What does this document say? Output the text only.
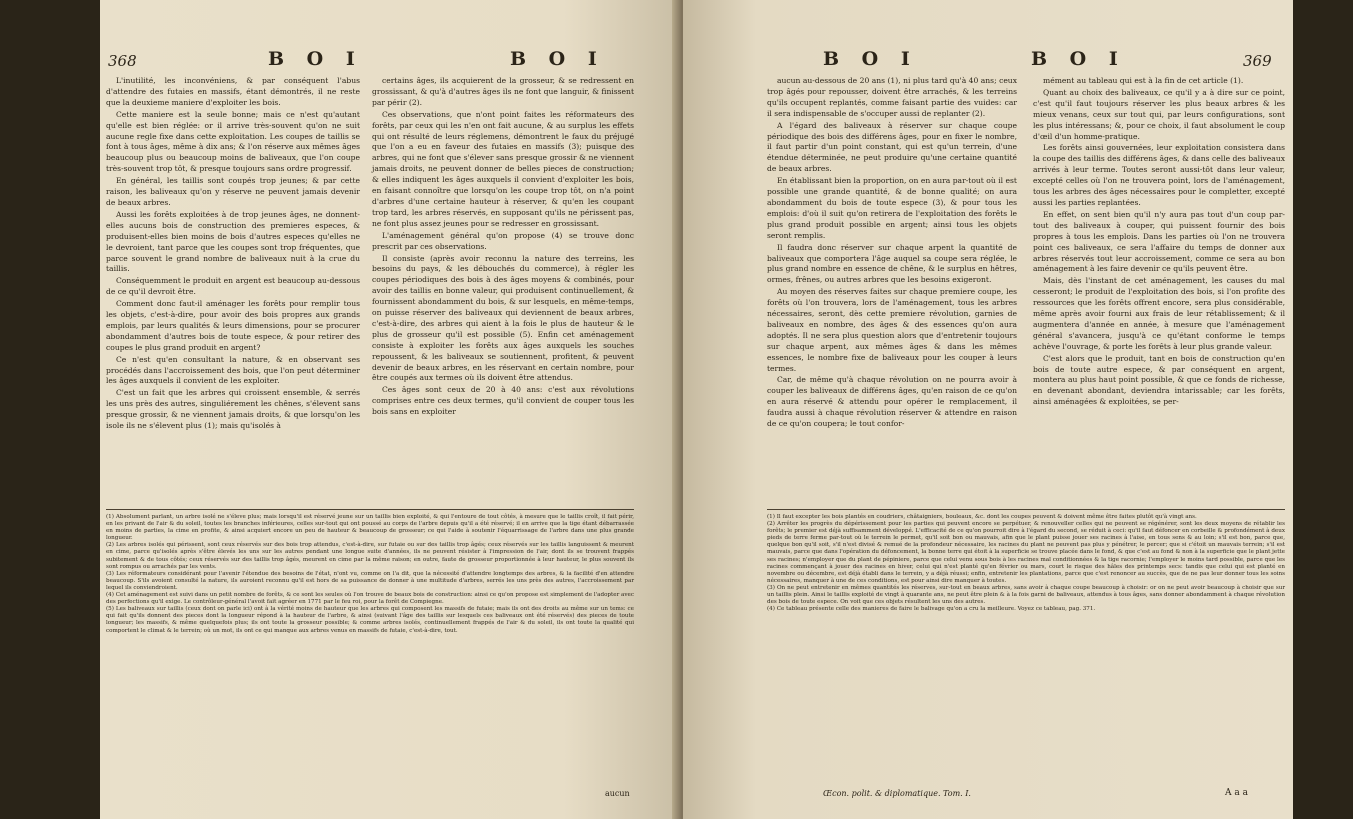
368	B O I	B O I

L'inutilité, les inconvéniens, & par conséquent l'abus d'attendre des futaies en massifs, étant démontrés, il ne reste que la deuxieme maniere d'exploiter les bois.

Cette maniere est la seule bonne; mais ce n'est qu'autant qu'elle est bien réglée: or il arrive très-souvent qu'on ne suit aucune regle fixe dans cette exploitation. Les coupes de taillis se font à tous âges, même à dix ans; & l'on réserve aux mêmes âges beaucoup plus ou beaucoup moins de baliveaux, que l'on coupe très-souvent trop tôt, & presque toujours sans ordre progressif.

En général, les taillis sont coupés trop jeunes; & par cette raison, les baliveaux qu'on y réserve ne peuvent jamais devenir de beaux arbres.

Aussi les forêts exploitées à de trop jeunes âges, ne donnent-elles aucuns bois de construction des premieres especes, & produisent-elles bien moins de bois d'autres especes qu'elles ne le devroient, tant parce que les coupes sont trop fréquentes, que parce souvent le grand nombre de baliveaux nuit à la crue du taillis.

Conséquemment le produit en argent est beaucoup au-dessous de ce qu'il devroit être.

Comment donc faut-il aménager les forêts pour remplir tous les objets, c'est-à-dire, pour avoir des bois propres aux grands emplois, par leurs qualités & leurs dimensions, pour se procurer abondamment d'autres bois de toute espece, & pour retirer des coupes le plus grand produit en argent?

Ce n'est qu'en consultant la nature, & en observant ses procédés dans l'accroissement des bois, que l'on peut déterminer les âges auxquels il convient de les exploiter.

C'est un fait que les arbres qui croissent ensemble, & serrés les uns près des autres, singuliérement les chênes, s'élevent sans presque grossir, & ne viennent jamais droits, & que lorsqu'on les isole ils ne s'élevent plus (1); mais qu'isolés à

certains âges, ils acquierent de la grosseur, & se redressent en grossissant, & qu'à d'autres âges ils ne font que languir, & finissent par périr (2).

Ces observations, que n'ont point faites les réformateurs des forêts, par ceux qui les n'en ont fait aucune, & au surplus les effets qui ont résulté de leurs réglemens, démontrent le faux du préjugé que l'on a eu en faveur des futaies en massifs (3); puisque des arbres, qui ne font que s'élever sans presque grossir & ne viennent jamais droits, ne peuvent donner de belles pieces de construction; & elles indiquent les âges auxquels il convient d'exploiter les bois, en faisant connoître que lorsqu'on les coupe trop tôt, on n'a point d'arbres d'une certaine hauteur à réserver, & qu'en les coupant trop tard, les arbres réservés, en supposant qu'ils ne périssent pas, ne font plus assez jeunes pour se redresser en grossissant.

L'aménagement général qu'on propose (4) se trouve donc prescrit par ces observations.

Il consiste (après avoir reconnu la nature des terreins, les besoins du pays, & les débouchés du commerce), à régler les coupes périodiques des bois à des âges moyens & combinés, pour avoir des taillis en bonne valeur, qui produisent continuellement, & fournissent abondamment du bois, & sur lesquels, en même-temps, on puisse réserver des baliveaux qui deviennent de beaux arbres, c'est-à-dire, des arbres qui aient à la fois le plus de hauteur & le plus de grosseur qu'il est possible (5). Enfin cet aménagement consiste à exploiter les forêts aux âges auxquels les souches repoussent, & les baliveaux se soutiennent, profitent, & peuvent devenir de beaux arbres, en les réservant en certain nombre, pour être coupés aux termes où ils doivent être attendus.

Ces âges sont ceux de 20 à 40 ans: c'est aux révolutions comprises entre ces deux termes, qu'il convient de couper tous les bois sans en exploiter

(1) Absolument parlant, un arbre isolé ne s'éleve plus; mais lorsqu'il est réservé jeune sur un taillis bien exploité, & qui l'entoure de tout côtés, à mesure que le taillis croît, il fait périr, en les privant de l'air & du soleil, toutes les branches inférieures, celles sur-tout qui ont poussé au corps de l'arbre depuis qu'il a été réservé; il en arrive que la tige étant débarrassée en moins de parties, la cime en profite, & ainsi acquiert encore un peu de hauteur & beaucoup de grosseur; ce qui l'aide à soutenir l'équarrissage de l'arbre dans une plus grande longueur.

(2) Les arbres isolés qui périssent, sont ceux réservés sur des bois trop attendus, c'est-à-dire, sur futaie ou sur des taillis trop âgés; ceux réservés sur les taillis languissent & meurent en cime, parce qu'isolés après s'être élevés les uns sur les autres pendant une longue suite d'années, ils ne peuvent résister à l'impression de l'air, dont ils se trouvent frappés subitement & de tous côtés; ceux réservés sur des taillis trop âgés, meurent en cime par la même raison; en outre, faute de grosseur proportionnée à leur hauteur, le plus souvent ils sont rompus ou arrachés par les vents.

(3) Les réformateurs considérant pour l'avenir l'étendue des besoins de l'état, n'ont vu, comme on l'a dit, que la nécessité d'attendre longtemps des arbres, & la facilité d'en attendre beaucoup. S'ils avoient consulté la nature, ils auroient reconnu qu'il est hors de sa puissance de donner à une multitude d'arbres, serrés les uns près des autres, l'accroissement par lequel ils conviendroient.

(4) Cet aménagement est suivi dans un petit nombre de forêts, & ce sont les seules où l'on trouve de beaux bois de construction: ainsi ce qu'on propose est simplement de l'adopter avec des perfections qu'il exige. Le contrôleur-général l'avoit fait agréer en 1771 par le feu roi, pour la forêt de Compiegne.

(5) Les baliveaux sur taillis (ceux dont on parle ici) ont à la vérité moins de hauteur que les arbres qui composent les massifs de futaie; mais ils ont des droits au même sur un tems: ce qui fait qu'ils donnent des pieces dont la longueur répond à la hauteur de l'arbre, & ainsi (suivant l'âge des taillis sur lesquels ces baliveaux ont été réservés) des pieces de toute longueur; les massifs, & même quelquefois plus; ils ont toute la grosseur possible; & comme arbres isolés, continuellement frappés de l'air & du soleil, ils ont toute la qualité qui comportent le climat & le terrein; où un mot, ils ont ce qui manque aux arbres venus en massifs de futaie, c'est-à-dire, tout.

aucun
B O I	B O I	369

aucun au-dessous de 20 ans (1), ni plus tard qu'à 40 ans; ceux trop âgés pour repousser, doivent être arrachés, & les terreins qu'ils occupent replantés, comme faisant partie des vuides: car il sera indispensable de s'occuper aussi de replanter (2).

A l'égard des baliveaux à réserver sur chaque coupe périodique des bois des différens âges, pour en fixer le nombre, il faut partir d'un point constant, qui est qu'un terrein, d'une étendue déterminée, ne peut produire qu'une certaine quantité de beaux arbres.

En établissant bien la proportion, on en aura par-tout où il est possible une grande quantité, & de bonne qualité; on aura abondamment du bois de toute espece (3), & pour tous les emplois: d'où il suit qu'on retirera de l'exploitation des forêts le plus grand produit possible en argent; ainsi tous les objets seront remplis.

Il faudra donc réserver sur chaque arpent la quantité de baliveaux que comportera l'âge auquel sa coupe sera réglée, le plus grand nombre en essence de chêne, & le surplus en hêtres, ormes, frênes, ou autres arbres que les besoins exigeront.

Au moyen des réserves faites sur chaque premiere coupe, les forêts où l'on trouvera, lors de l'aménagement, tous les arbres nécessaires, seront, dès cette premiere révolution, garnies de baliveaux en nombre, des âges & des essences qu'on aura adoptés. Il ne sera plus question alors que d'entretenir toujours sur chaque arpent, aux mêmes âges & dans les mêmes essences, le nombre fixe de baliveaux pour les couper à leurs termes.

Car, de même qu'à chaque révolution on ne pourra avoir à couper les baliveaux de différens âges, qu'en raison de ce qu'on en aura réservé & attendu pour opérer le remplacement, il faudra aussi à chaque révolution réserver & attendre en raison de ce qu'on coupera; le tout confor-

mément au tableau qui est à la fin de cet article (1).

Quant au choix des baliveaux, ce qu'il y a à dire sur ce point, c'est qu'il faut toujours réserver les plus beaux arbres & les mieux venans, ceux sur tout qui, par leurs configurations, sont les plus intéressans; &, pour ce choix, il faut absolument le coup d'œil d'un homme-pratique.

Les forêts ainsi gouvernées, leur exploitation consistera dans la coupe des taillis des différens âges, & dans celle des baliveaux arrivés à leur terme. Toutes seront aussi-tôt dans leur valeur, excepté celles où l'on ne trouvera point, lors de l'aménagement, tous les arbres des âges nécessaires pour le completter, excepté aussi les parties replantées.

En effet, on sent bien qu'il n'y aura pas tout d'un coup par-tout des baliveaux à couper, qui puissent fournir des bois propres à tous les emplois. Dans les parties où l'on ne trouvera point ces baliveaux, ce sera l'affaire du temps de donner aux arbres réservés tout leur accroissement, comme ce sera au bon aménagement à les faire devenir ce qu'ils peuvent être.

Mais, dès l'instant de cet aménagement, les causes du mal cesseront; le produit de l'exploitation des bois, si l'on profite des ressources que les forêts offrent encore, sera plus considérable, même après avoir fourni aux frais de leur rétablissement; & il augmentera d'année en année, à mesure que l'aménagement général s'avancera, jusqu'à ce qu'étant conforme le temps achève l'ouvrage, & porte les forêts à leur plus grande valeur.

C'est alors que le produit, tant en bois de construction qu'en bois de toute autre espece, & par conséquent en argent, montera au plus haut point possible, & que ce fonds de richesse, en devenant abondant, deviendra intarissable; car les forêts, ainsi aménagées & exploitées, se per-

(1) Il faut excepter les bois plantés en coudriers, châtaigniers, bouleaux, &c. dont les coupes peuvent & doivent même être faites plutôt qu'à vingt ans.

(2) Arrêter les progrès du dépérissement pour les parties qui peuvent encore se perpétuer, & renouveller celles qui ne peuvent se régénérer, sont les deux moyens de rétablir les forêts; le premier est déjà suffisamment développé. L'efficacité de ce qu'on pourroit dire à l'égard du second, se réduit à ceci: qu'il faut défoncer en corbeille & profondément à deux pieds de terre ferme par-tout où le terrein le permet, qu'il soit bon ou mauvais, afin que le plant puisse jouer ses racines à l'aise, en tous sens & au loin; s'il est bon, parce que, quelque bon qu'il soit, s'il n'est divisé & remué de la profondeur nécessaire, les racines du plant ne peuvent pas plus y pénétrer, le percer; que si c'étoit un mauvais terrein; s'il est mauvais, parce que dans l'opération du défoncement, la bonne terre qui étoit à la superficie se trouve placée dans le fond, & que c'est au fond & non à la superficie que le plant jette ses racines; n'employer que du plant de pépiniere, parce que celui venu sous bois à les racines mal conditionnées & la tige racornie; l'employer le moins tard possible, parce que les racines commençant à jouer des racines en hiver, celui qui n'est planté qu'en février ou mars, court le risque des hâles des printemps secs: tandis que celui qui est planté en novembre ou décembre, est déjà établi dans le terrein, y a déjà réussi; enfin, entretenir les plantations, parce que c'est renoncer au succès, que de ne pas leur donner tous les soins nécessaires, manquer à une de ces conditions, est pour ainsi dire manquer à toutes.

(3) On ne peut entretenir en mêmes quantités les réserves, sur-tout en beaux arbres, sans avoir à chaque coupe beaucoup à choisir: or on ne peut avoir beaucoup à choisir que sur un taillis plein. Ainsi le taillis exploité de vingt à quarante ans, ne peut être plein & à la fois garni de baliveaux, attendus à tous âges, sans donner abondamment à chaque révolution des bois de toute espece. On voit que ces objets résultent les uns des autres.

(4) Ce tableau présente celle des manieres de faire le balivage qu'on a cru la meilleure. Voyez ce tableau, pag. 371.

Œcon. polit. & diplomatique. Tom. I.	A a a
